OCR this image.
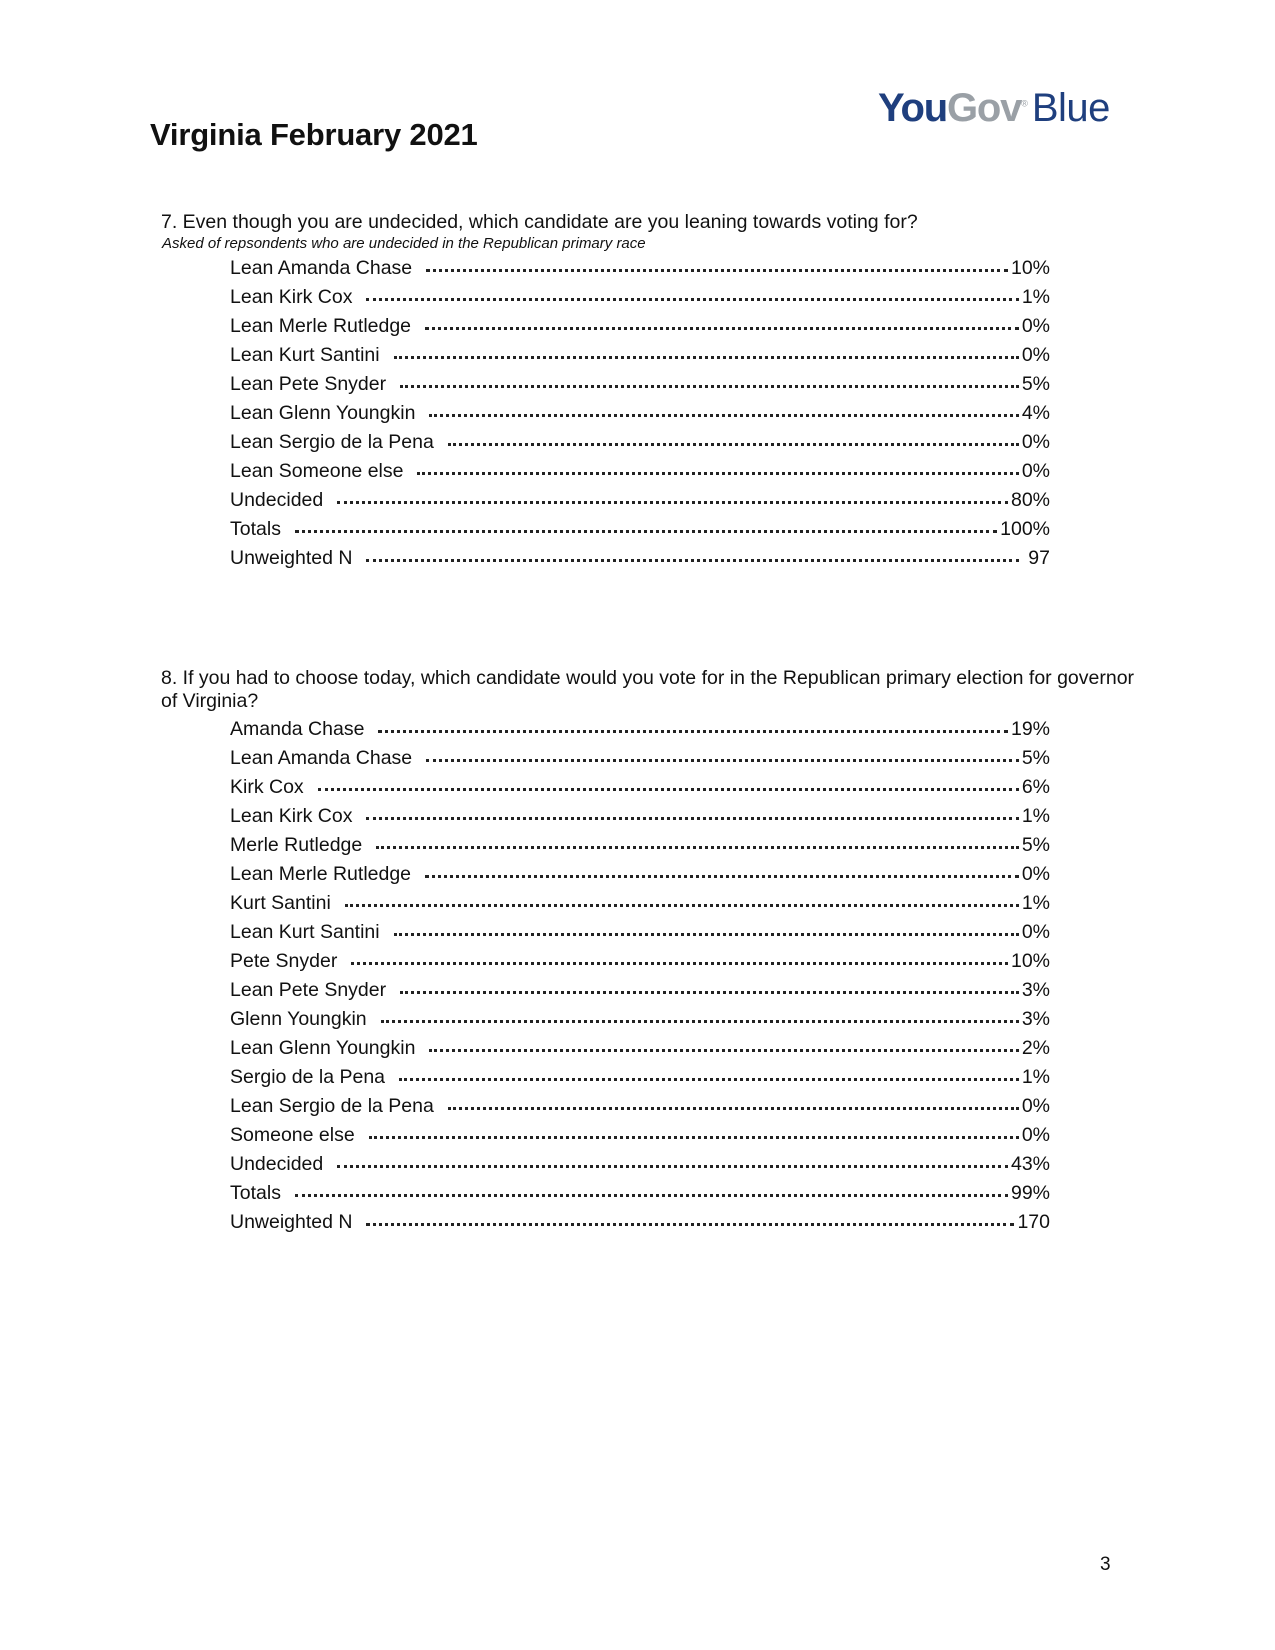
Virginia February 2021
YouGov® Blue

7. Even though you are undecided, which candidate are you leaning towards voting for?

Asked of repsondents who are undecided in the Republican primary race

Lean Amanda Chase	10%
Lean Kirk Cox	1%
Lean Merle Rutledge	0%
Lean Kurt Santini	0%
Lean Pete Snyder	5%
Lean Glenn Youngkin	4%
Lean Sergio de la Pena	0%
Lean Someone else	0%
Undecided	80%
Totals	100%
Unweighted N	97

8. If you had to choose today, which candidate would you vote for in the Republican primary election for governor of Virginia?

Amanda Chase	19%
Lean Amanda Chase	5%
Kirk Cox	6%
Lean Kirk Cox	1%
Merle Rutledge	5%
Lean Merle Rutledge	0%
Kurt Santini	1%
Lean Kurt Santini	0%
Pete Snyder	10%
Lean Pete Snyder	3%
Glenn Youngkin	3%
Lean Glenn Youngkin	2%
Sergio de la Pena	1%
Lean Sergio de la Pena	0%
Someone else	0%
Undecided	43%
Totals	99%
Unweighted N	170
3
